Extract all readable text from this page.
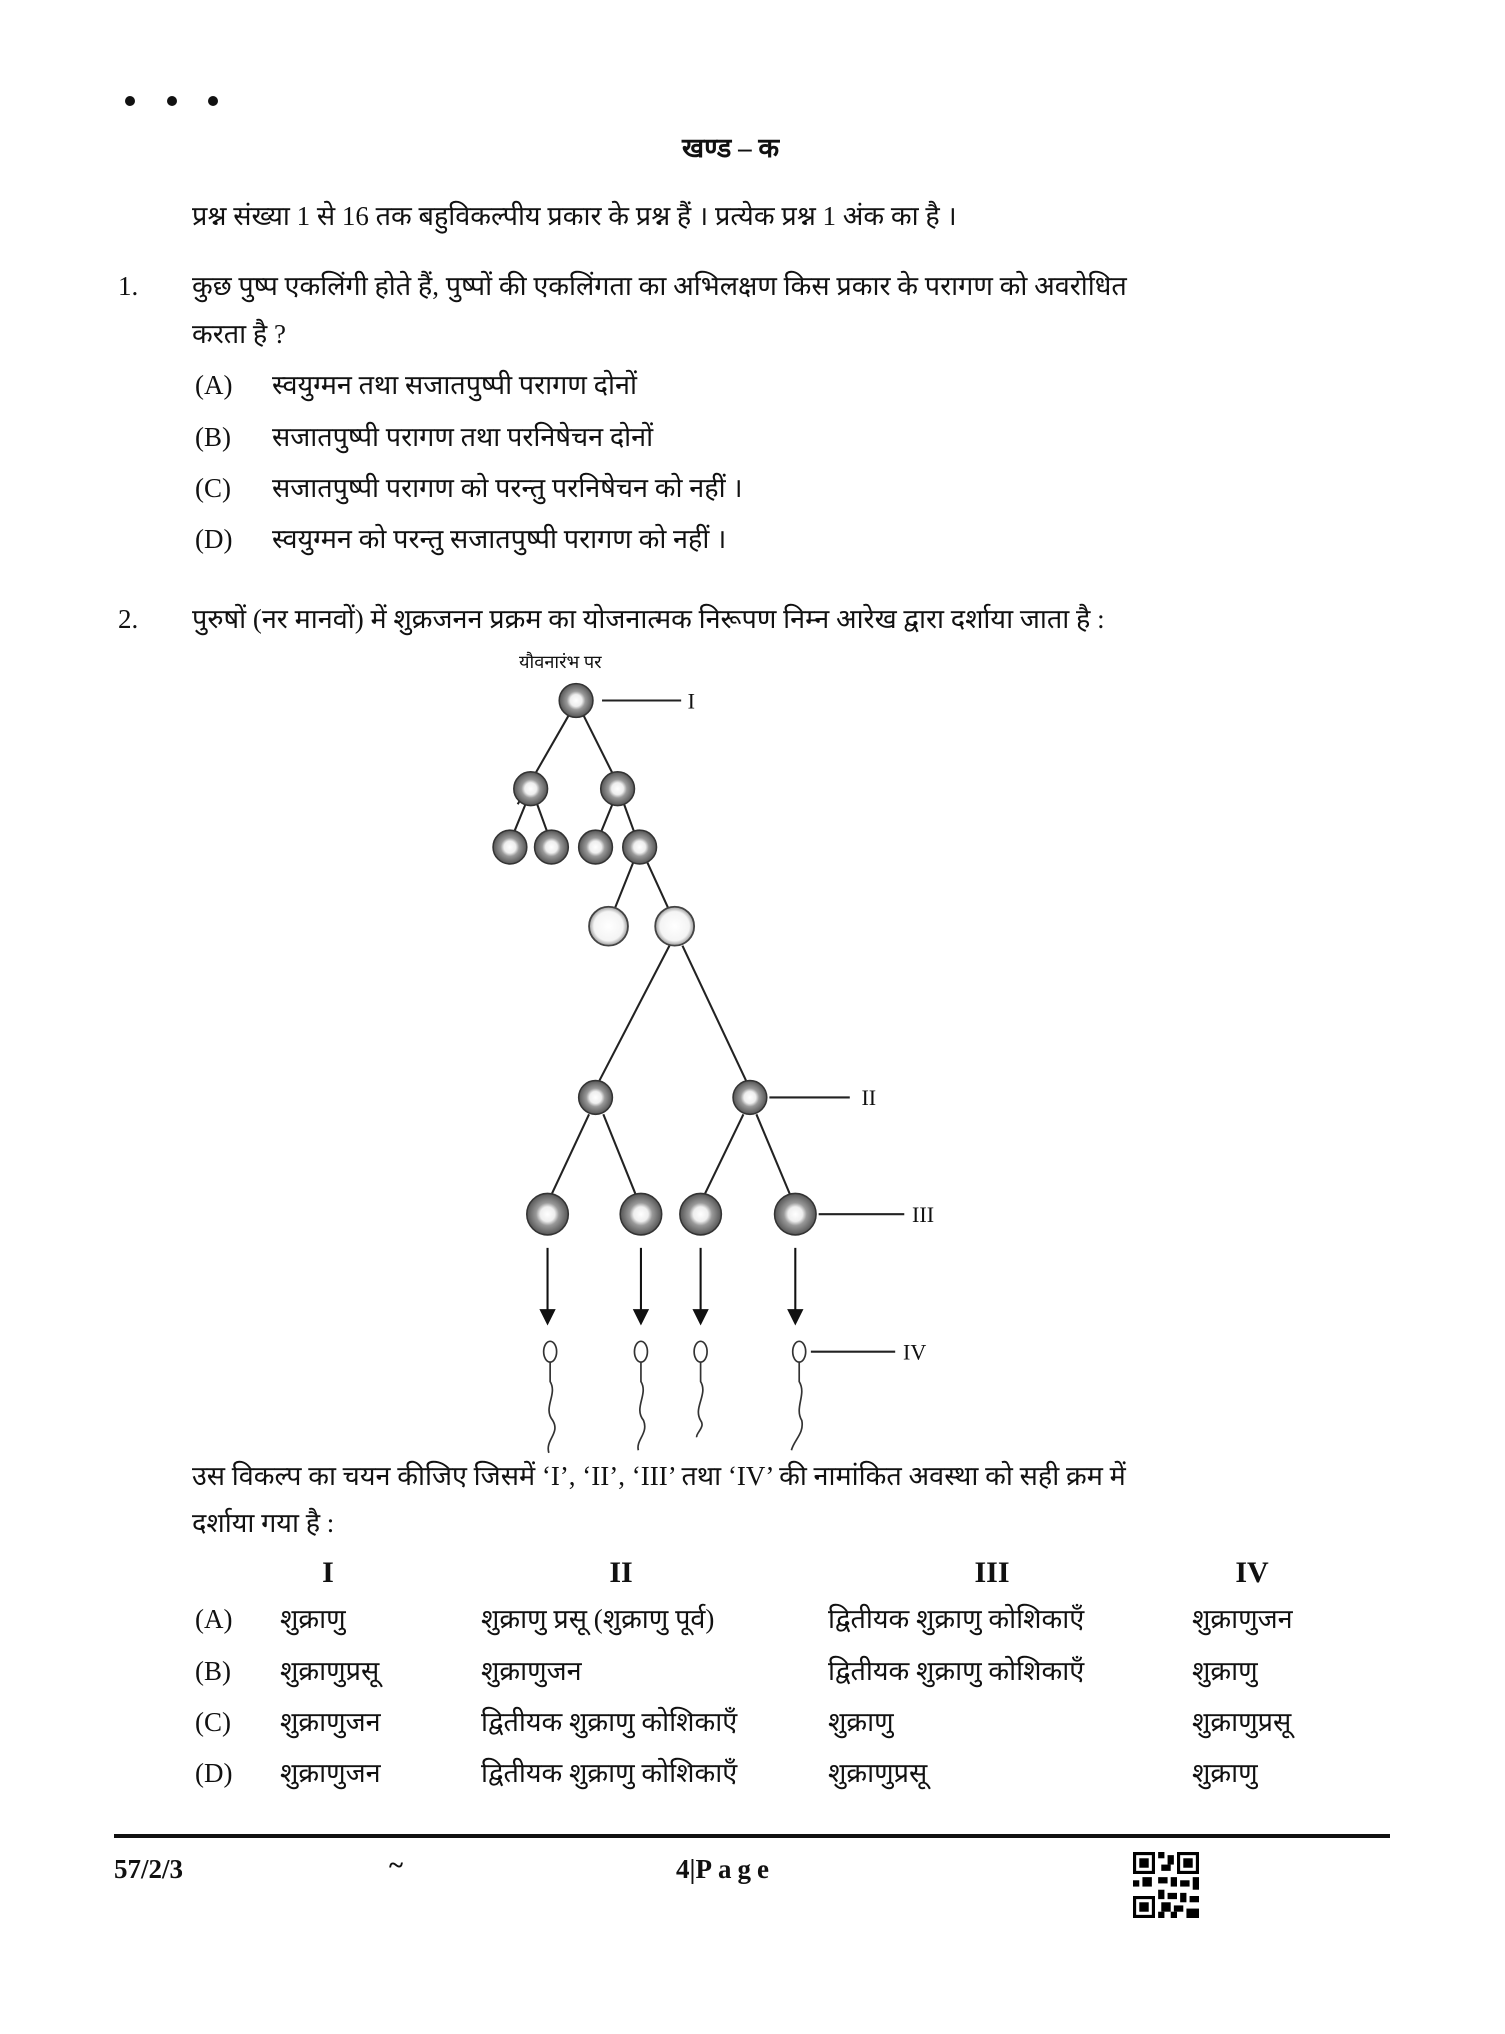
खण्ड – क
प्रश्न संख्या 1 से 16 तक बहुविकल्पीय प्रकार के प्रश्न हैं । प्रत्येक प्रश्न 1 अंक का है ।
1. कुछ पुष्प एकलिंगी होते हैं, पुष्पों की एकलिंगता का अभिलक्षण किस प्रकार के परागण को अवरोधित
करता है ?
(A) स्वयुग्मन तथा सजातपुष्पी परागण दोनों
(B) सजातपुष्पी परागण तथा परनिषेचन दोनों
(C) सजातपुष्पी परागण को परन्तु परनिषेचन को नहीं ।
(D) स्वयुग्मन को परन्तु सजातपुष्पी परागण को नहीं ।
2. पुरुषों (नर मानवों) में शुक्रजनन प्रक्रम का योजनात्मक निरूपण निम्न आरेख द्वारा दर्शाया जाता है :
यौवनारंभ पर
I
II
III
IV
उस विकल्प का चयन कीजिए जिसमें ‘I’, ‘II’, ‘III’ तथा ‘IV’ की नामांकित अवस्था को सही क्रम में
दर्शाया गया है :
I	II	III	IV
(A) शुक्राणु	शुक्राणु प्रसू (शुक्राणु पूर्व)	द्वितीयक शुक्राणु कोशिकाएँ	शुक्राणुजन
(B) शुक्राणुप्रसू	शुक्राणुजन	द्वितीयक शुक्राणु कोशिकाएँ	शुक्राणु
(C) शुक्राणुजन	द्वितीयक शुक्राणु कोशिकाएँ	शुक्राणु	शुक्राणुप्रसू
(D) शुक्राणुजन	द्वितीयक शुक्राणु कोशिकाएँ	शुक्राणुप्रसू	शुक्राणु
57/2/3	~	4|Page
